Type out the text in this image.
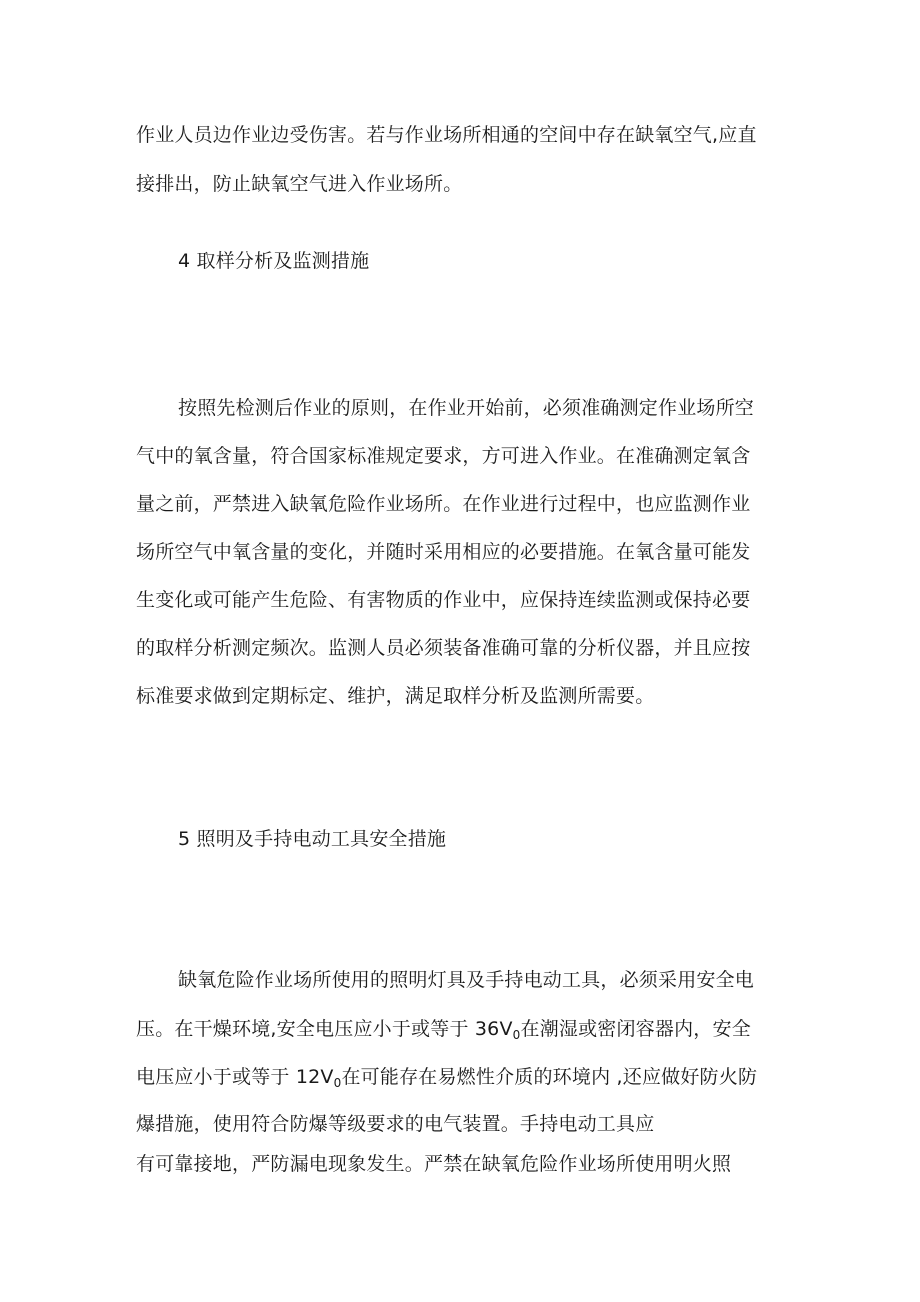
作业人员边作业边受伤害。若与作业场所相通的空间中存在缺氧空气,应直
接排出，防止缺氧空气进入作业场所。
4 取样分析及监测措施
按照先检测后作业的原则，在作业开始前，必须准确测定作业场所空
气中的氧含量，符合国家标准规定要求，方可进入作业。在准确测定氧含
量之前，严禁进入缺氧危险作业场所。在作业进行过程中，也应监测作业
场所空气中氧含量的变化，并随时采用相应的必要措施。在氧含量可能发
生变化或可能产生危险、有害物质的作业中，应保持连续监测或保持必要
的取样分析测定频次。监测人员必须装备准确可靠的分析仪器，并且应按
标准要求做到定期标定、维护，满足取样分析及监测所需要。
5 照明及手持电动工具安全措施
缺氧危险作业场所使用的照明灯具及手持电动工具，必须采用安全电
压。在干燥环境,安全电压应小于或等于 $36V_0$在潮湿或密闭容器内，安全
电压应小于或等于 $12V_0$在可能存在易燃性介质的环境内 ,还应做好防火防
爆措施，使用符合防爆等级要求的电气装置。手持电动工具应
有可靠接地，严防漏电现象发生。严禁在缺氧危险作业场所使用明火照
